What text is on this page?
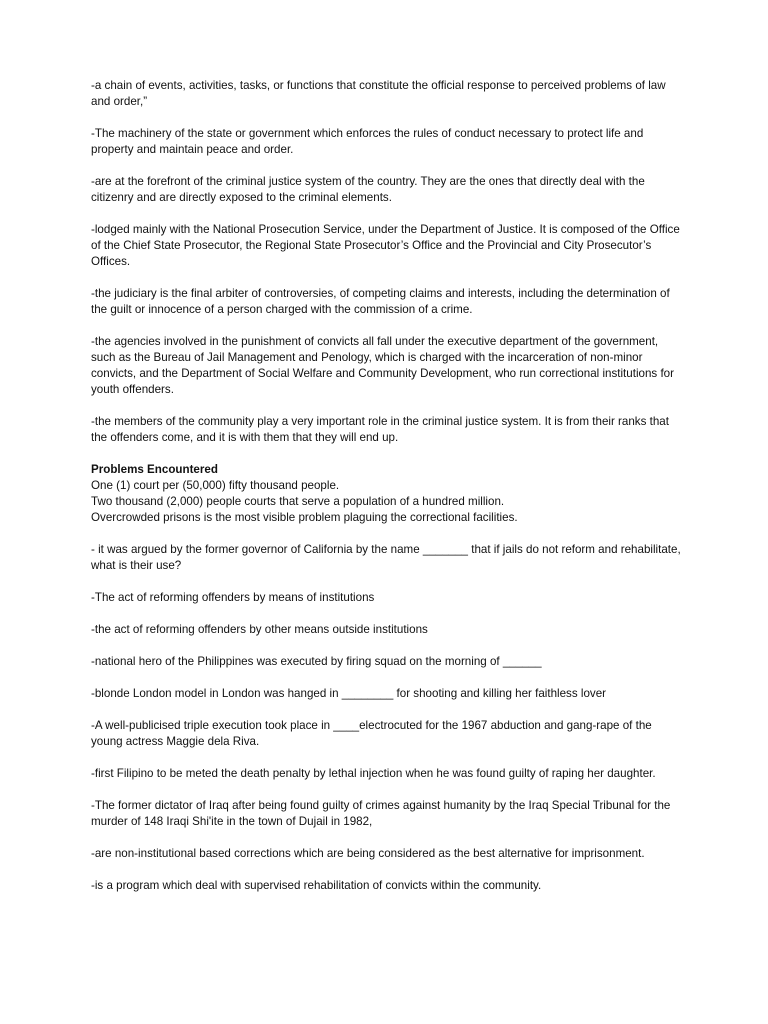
-a chain of events, activities, tasks, or functions that constitute the official response to perceived problems of law and order,”

-The machinery of the state or government which enforces the rules of conduct necessary to protect life and property and maintain peace and order.

-are at the forefront of the criminal justice system of the country. They are the ones that directly deal with the citizenry and are directly exposed to the criminal elements.

-lodged mainly with the National Prosecution Service, under the Department of Justice. It is composed of the Office of the Chief State Prosecutor, the Regional State Prosecutor’s Office and the Provincial and City Prosecutor’s Offices.

-the judiciary is the final arbiter of controversies, of competing claims and interests, including the determination of the guilt or innocence of a person charged with the commission of a crime.

-the agencies involved in the punishment of convicts all fall under the executive department of the government, such as the Bureau of Jail Management and Penology, which is charged with the incarceration of non-minor convicts, and the Department of Social Welfare and Community Development, who run correctional institutions for youth offenders.

-the members of the community play a very important role in the criminal justice system. It is from their ranks that the offenders come, and it is with them that they will end up.

Problems Encountered

One (1) court per (50,000) fifty thousand people.

Two thousand (2,000) people courts that serve a population of a hundred million.

Overcrowded prisons is the most visible problem plaguing the correctional facilities.

- it was argued by the former governor of California by the name _______ that if jails do not reform and rehabilitate, what is their use?

-The act of reforming offenders by means of institutions

-the act of reforming offenders by other means outside institutions

-national hero of the Philippines was executed by firing squad on the morning of ______

-blonde London model in London was hanged in ________ for shooting and killing her faithless lover

-A well-publicised triple execution took place in ____electrocuted for the 1967 abduction and gang-rape of the young actress Maggie dela Riva.

-first Filipino to be meted the death penalty by lethal injection when he was found guilty of raping her daughter.

-The former dictator of Iraq after being found guilty of crimes against humanity by the Iraq Special Tribunal for the murder of 148 Iraqi Shi'ite in the town of Dujail in 1982,

-are non-institutional based corrections which are being considered as the best alternative for imprisonment.

-is a program which deal with supervised rehabilitation of convicts within the community.
